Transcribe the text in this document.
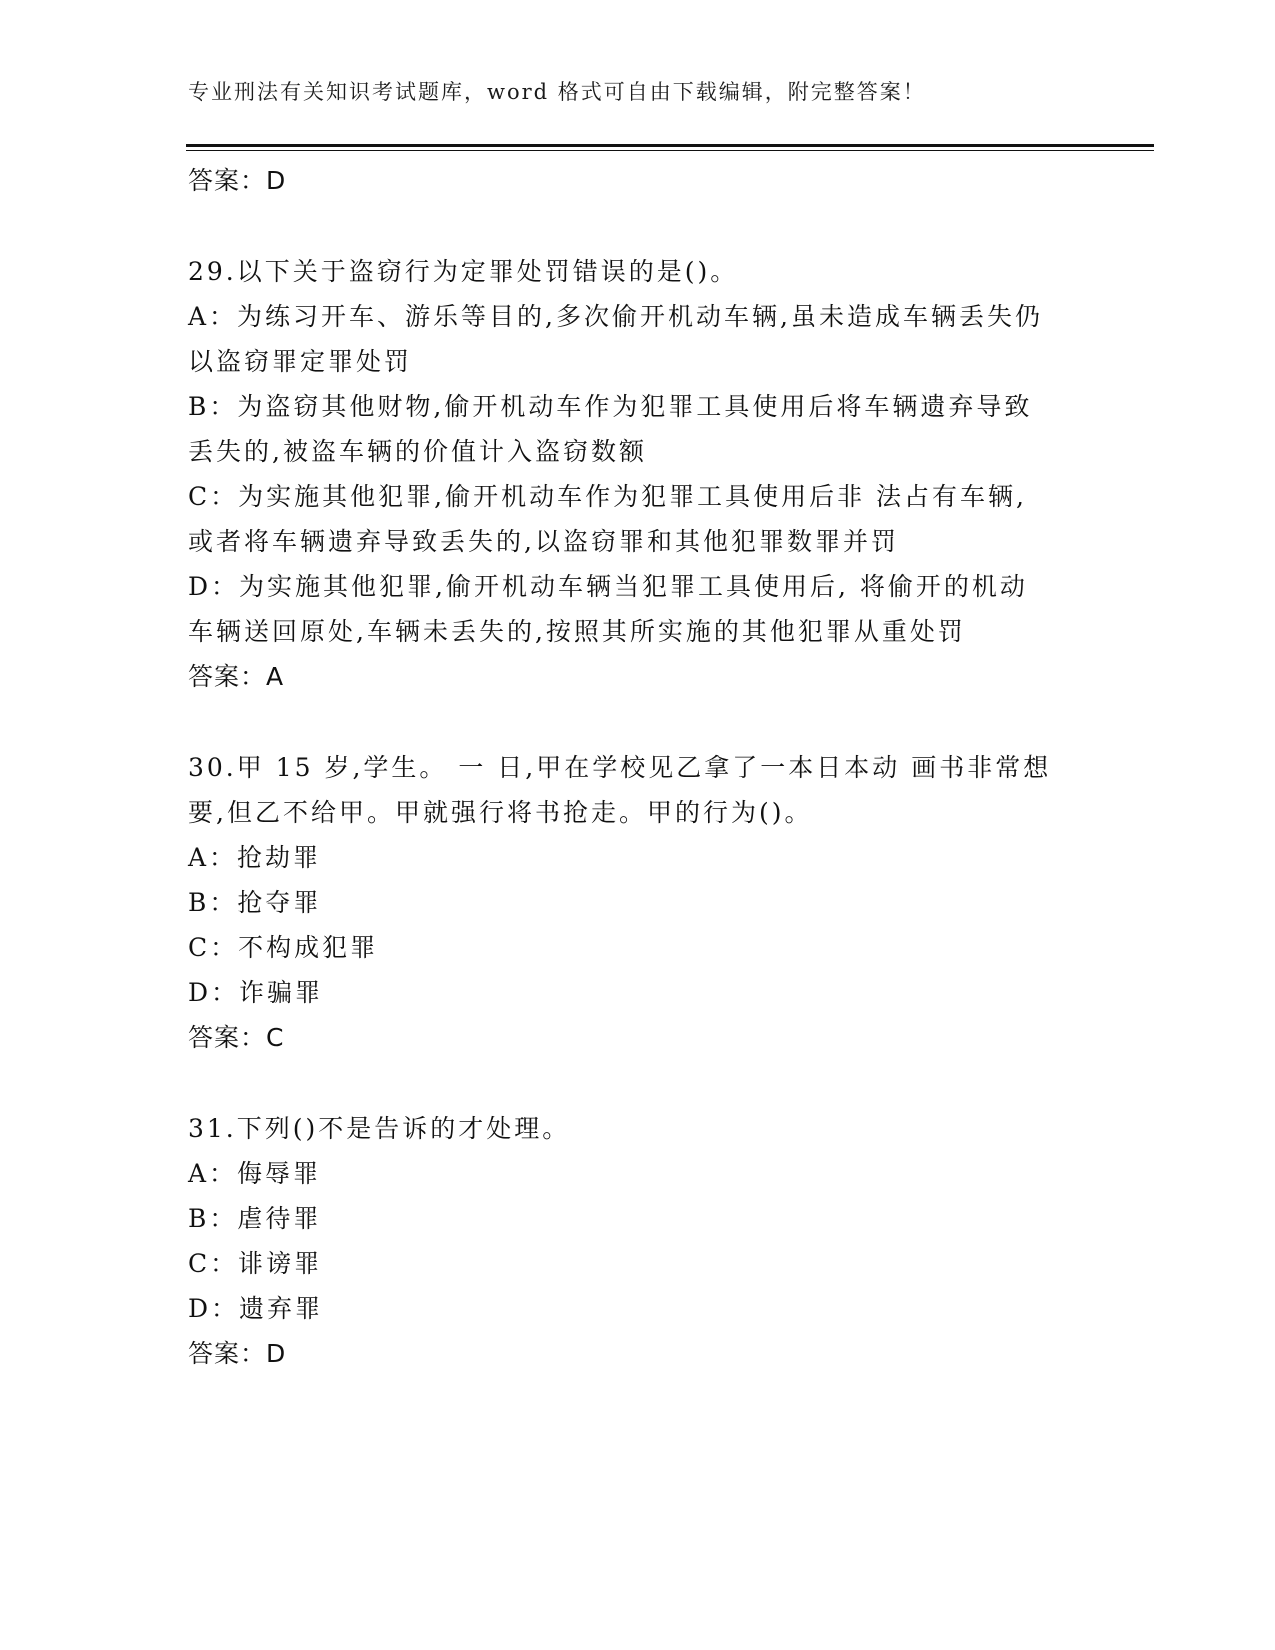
专业刑法有关知识考试题库，word 格式可自由下载编辑，附完整答案！

答案：D

29.以下关于盗窃行为定罪处罚错误的是()。

A：为练习开车、游乐等目的,多次偷开机动车辆,虽未造成车辆丢失仍

以盗窃罪定罪处罚

B：为盗窃其他财物,偷开机动车作为犯罪工具使用后将车辆遗弃导致

丢失的,被盗车辆的价值计入盗窃数额

C：为实施其他犯罪,偷开机动车作为犯罪工具使用后非 法占有车辆,

或者将车辆遗弃导致丢失的,以盗窃罪和其他犯罪数罪并罚

D：为实施其他犯罪,偷开机动车辆当犯罪工具使用后, 将偷开的机动

车辆送回原处,车辆未丢失的,按照其所实施的其他犯罪从重处罚

答案：A

30.甲 15 岁,学生。 一 日,甲在学校见乙拿了一本日本动 画书非常想

要,但乙不给甲。甲就强行将书抢走。甲的行为()。

A：抢劫罪

B：抢夺罪

C：不构成犯罪

D：诈骗罪

答案：C

31.下列()不是告诉的才处理。

A：侮辱罪

B：虐待罪

C：诽谤罪

D：遗弃罪

答案：D
